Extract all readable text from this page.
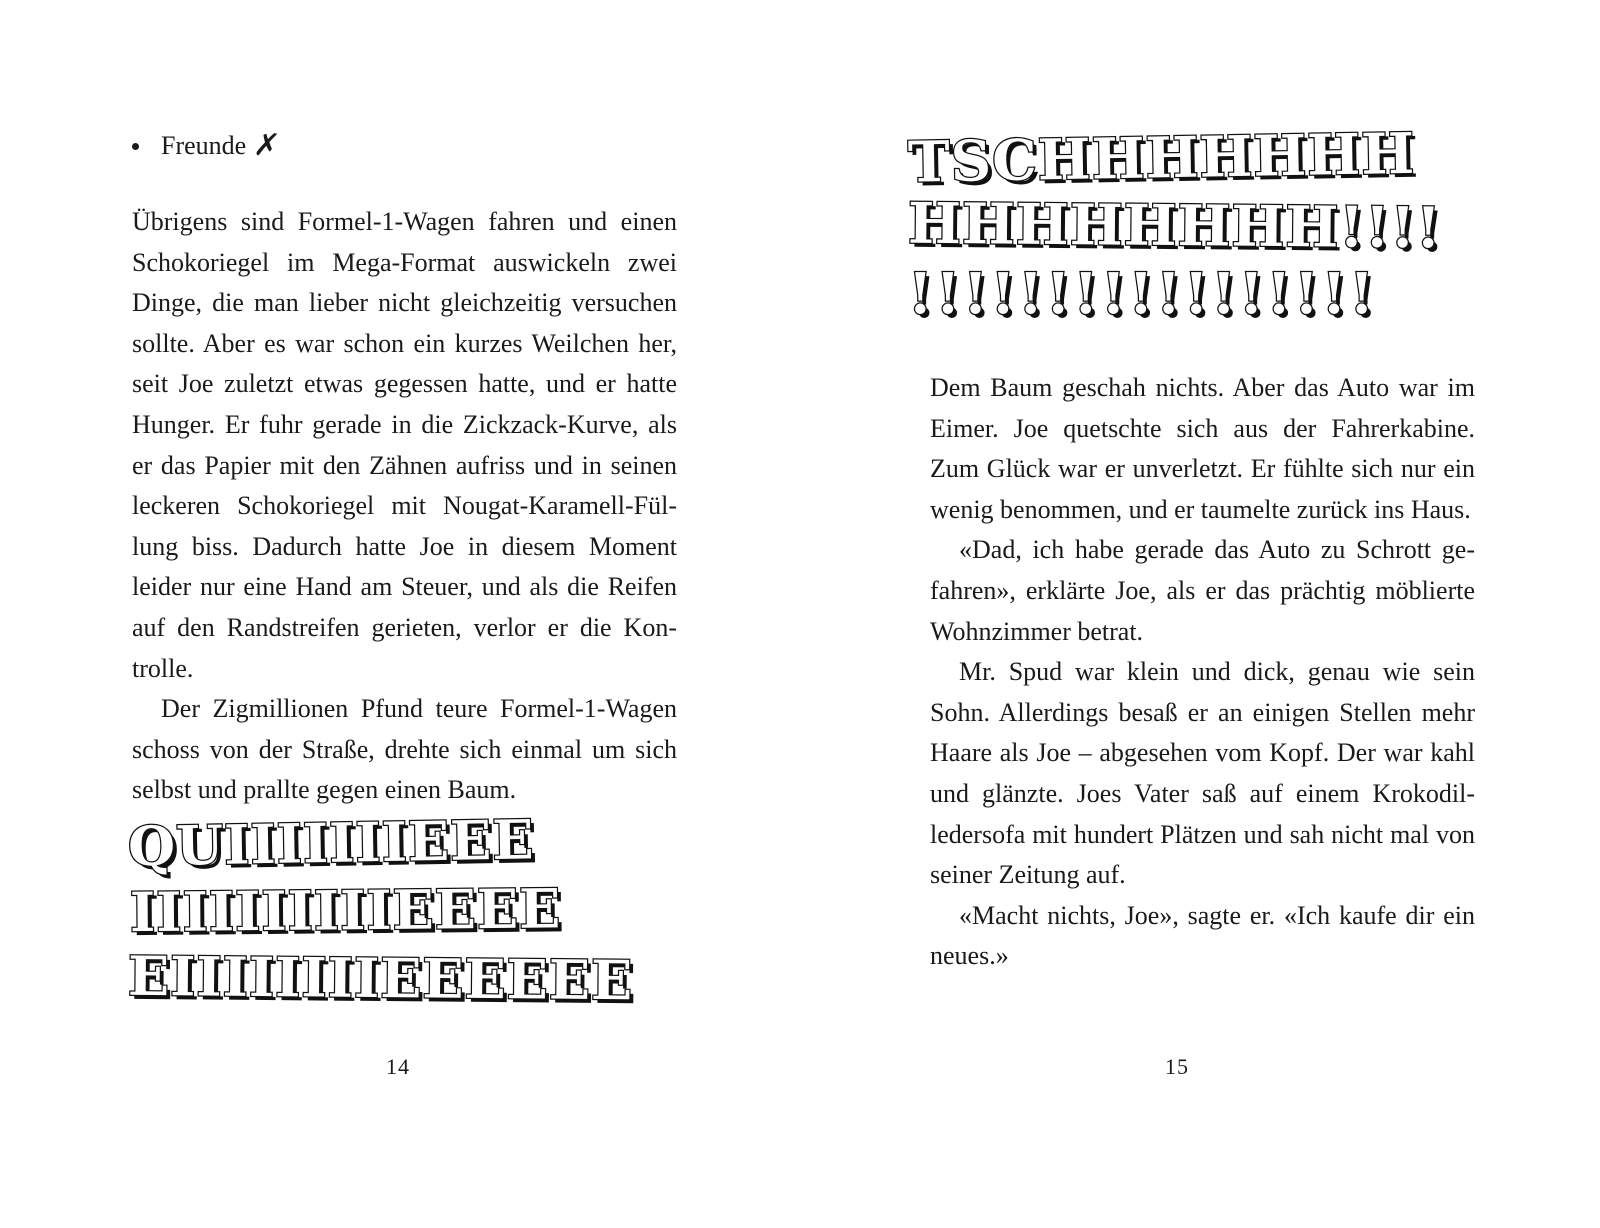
Freunde ✗

Übrigens sind Formel-1-Wagen fahren und einen Schokoriegel im Mega-Format auswickeln zwei Dinge, die man lieber nicht gleichzeitig versuchen sollte. Aber es war schon ein kurzes Weilchen her, seit Joe zuletzt etwas gegessen hatte, und er hatte Hunger. Er fuhr gerade in die Zickzack-Kurve, als er das Papier mit den Zähnen aufriss und in seinen leckeren Schokoriegel mit Nougat-Karamell-Füllung biss. Dadurch hatte Joe in diesem Moment leider nur eine Hand am Steuer, und als die Reifen auf den Randstreifen gerieten, verlor er die Kontrolle.

Der Zigmillionen Pfund teure Formel-1-Wagen schoss von der Straße, drehte sich einmal um sich selbst und prallte gegen einen Baum.

QUIIIIIIIEEE
IIIIIIIIIIEEEE
EIIIIIIIIEEEEEE
14
TSCHHHHHHH
HHHHHHHH!!!!
!!!!!!!!!!!!!!!!!

Dem Baum geschah nichts. Aber das Auto war im Eimer. Joe quetschte sich aus der Fahrerkabine. Zum Glück war er unverletzt. Er fühlte sich nur ein wenig benommen, und er taumelte zurück ins Haus.

«Dad, ich habe gerade das Auto zu Schrott gefahren», erklärte Joe, als er das prächtig möblierte Wohnzimmer betrat.

Mr. Spud war klein und dick, genau wie sein Sohn. Allerdings besaß er an einigen Stellen mehr Haare als Joe – abgesehen vom Kopf. Der war kahl und glänzte. Joes Vater saß auf einem Krokodilledersofa mit hundert Plätzen und sah nicht mal von seiner Zeitung auf.

«Macht nichts, Joe», sagte er. «Ich kaufe dir ein neues.»

15
